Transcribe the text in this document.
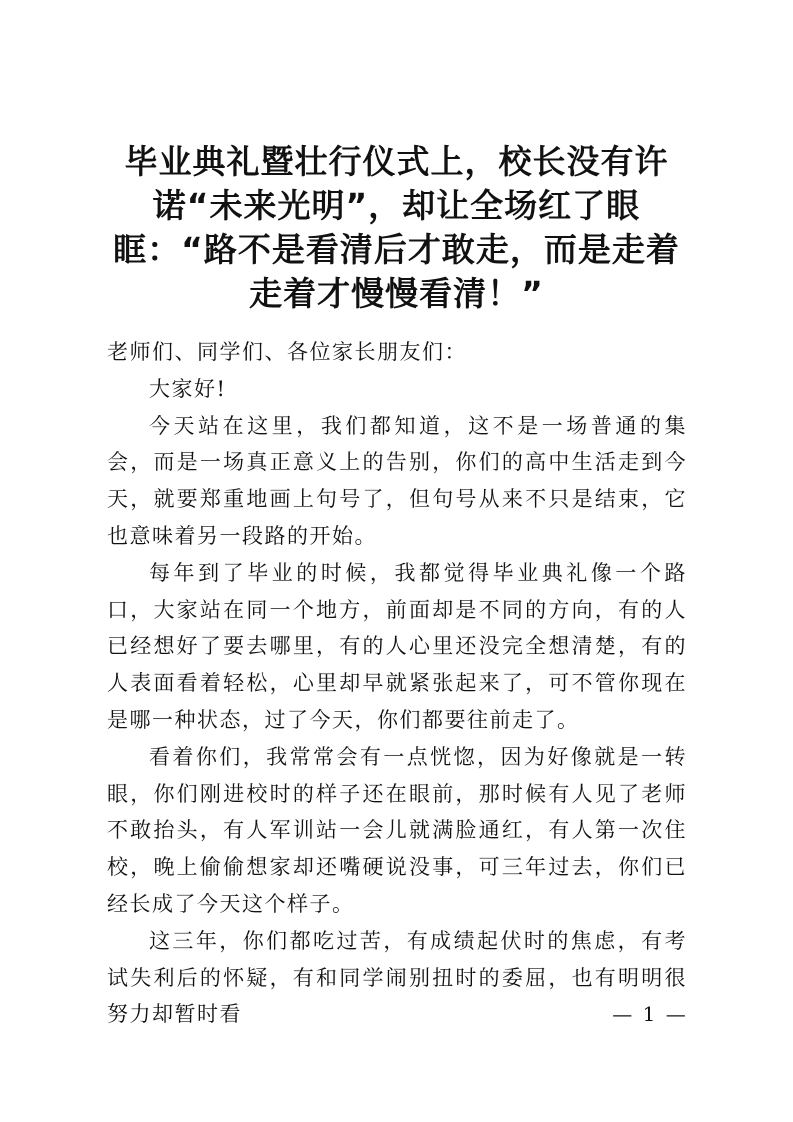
毕业典礼暨壮行仪式上，校长没有许诺“未来光明”，却让全场红了眼眶：“路不是看清后才敢走，而是走着走着才慢慢看清！”

老师们、同学们、各位家长朋友们：

大家好!

今天站在这里，我们都知道，这不是一场普通的集会，而是一场真正意义上的告别，你们的高中生活走到今天，就要郑重地画上句号了，但句号从来不只是结束，它也意味着另一段路的开始。

每年到了毕业的时候，我都觉得毕业典礼像一个路口，大家站在同一个地方，前面却是不同的方向，有的人已经想好了要去哪里，有的人心里还没完全想清楚，有的人表面看着轻松，心里却早就紧张起来了，可不管你现在是哪一种状态，过了今天，你们都要往前走了。

看着你们，我常常会有一点恍惚，因为好像就是一转眼，你们刚进校时的样子还在眼前，那时候有人见了老师不敢抬头，有人军训站一会儿就满脸通红，有人第一次住校，晚上偷偷想家却还嘴硬说没事，可三年过去，你们已经长成了今天这个样子。

这三年，你们都吃过苦，有成绩起伏时的焦虑，有考试失利后的怀疑，有和同学闹别扭时的委屈，也有明明很努力却暂时看	— 1 —
